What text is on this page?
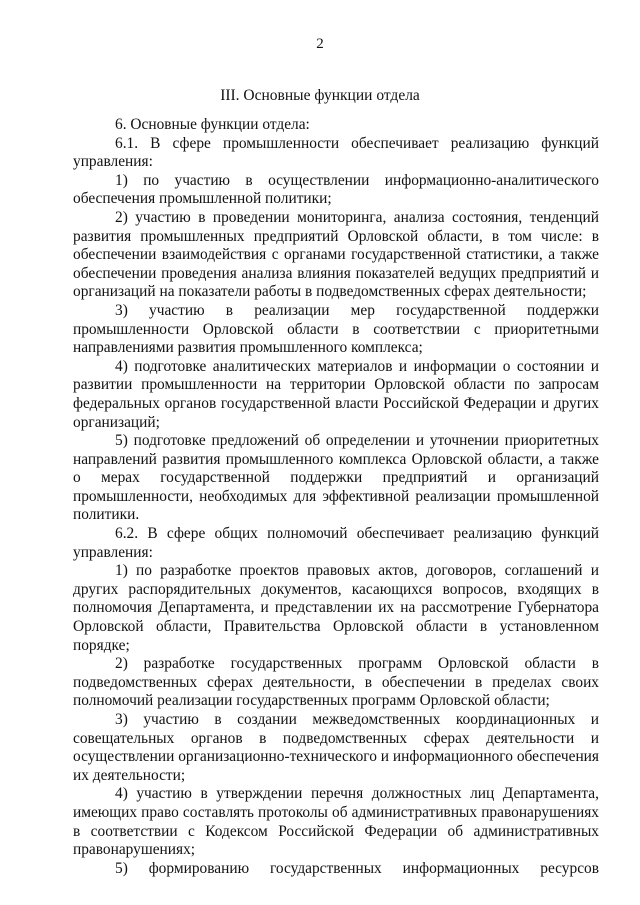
2
III. Основные функции отдела

6. Основные функции отдела:

6.1. В сфере промышленности обеспечивает реализацию функций управления:

1) по участию в осуществлении информационно-аналитического обеспечения промышленной политики;

2) участию в проведении мониторинга, анализа состояния, тенденций развития промышленных предприятий Орловской области, в том числе: в обеспечении взаимодействия с органами государственной статистики, а также обеспечении проведения анализа влияния показателей ведущих предприятий и организаций на показатели работы в подведомственных сферах деятельности;

3) участию в реализации мер государственной поддержки промышленности Орловской области в соответствии с приоритетными направлениями развития промышленного комплекса;

4) подготовке аналитических материалов и информации о состоянии и развитии промышленности на территории Орловской области по запросам федеральных органов государственной власти Российской Федерации и других организаций;

5) подготовке предложений об определении и уточнении приоритетных направлений развития промышленного комплекса Орловской области, а также о мерах государственной поддержки предприятий и организаций промышленности, необходимых для эффективной реализации промышленной политики.

6.2. В сфере общих полномочий обеспечивает реализацию функций управления:

1) по разработке проектов правовых актов, договоров, соглашений и других распорядительных документов, касающихся вопросов, входящих в полномочия Департамента, и представлении их на рассмотрение Губернатора Орловской области, Правительства Орловской области в установленном порядке;

2) разработке государственных программ Орловской области в подведомственных сферах деятельности, в обеспечении в пределах своих полномочий реализации государственных программ Орловской области;

3) участию в создании межведомственных координационных и совещательных органов в подведомственных сферах деятельности и осуществлении организационно-технического и информационного обеспечения их деятельности;

4) участию в утверждении перечня должностных лиц Департамента, имеющих право составлять протоколы об административных правонарушениях в соответствии с Кодексом Российской Федерации об административных правонарушениях;

5) формированию государственных информационных ресурсов
